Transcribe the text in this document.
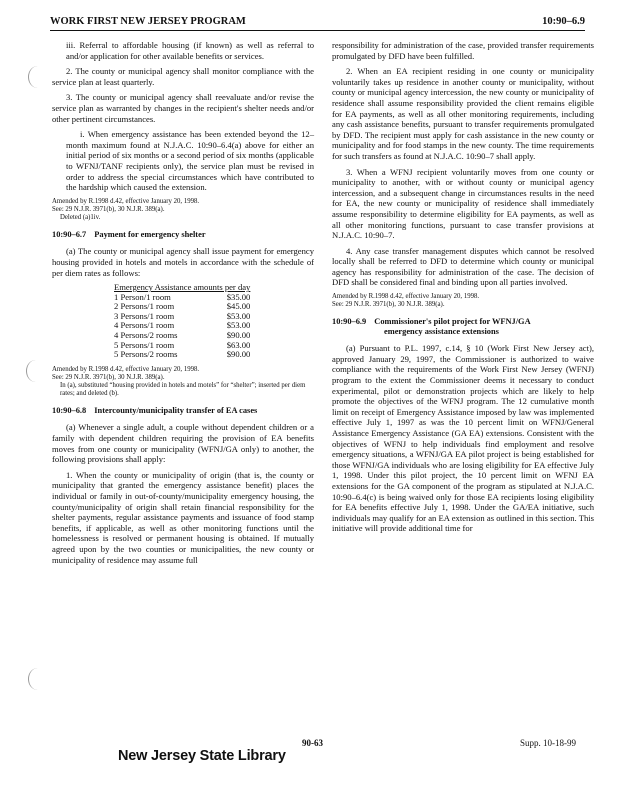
WORK FIRST NEW JERSEY PROGRAM	10:90–6.9

iii. Referral to affordable housing (if known) as well as referral to and/or application for other available benefits or services.

2. The county or municipal agency shall monitor compliance with the service plan at least quarterly.

3. The county or municipal agency shall reevaluate and/or revise the service plan as warranted by changes in the recipient's shelter needs and/or other pertinent circumstances.

i. When emergency assistance has been extended beyond the 12–month maximum found at N.J.A.C. 10:90–6.4(a) above for either an initial period of six months or a second period of six months (applicable to WFNJ/TANF recipients only), the service plan must be revised in order to address the special circumstances which have contributed to the hardship which caused the extension.

Amended by R.1998 d.42, effective January 20, 1998.
See: 29 N.J.R. 3971(b), 30 N.J.R. 389(a).
Deleted (a)1iv.
10:90–6.7 Payment for emergency shelter

(a) The county or municipal agency shall issue payment for emergency housing provided in hotels and motels in accordance with the schedule of per diem rates as follows:

Emergency Assistance amounts per day	
1 Person/1 room	$35.00
2 Persons/1 room	$45.00
3 Persons/1 room	$53.00
4 Persons/1 room	$53.00
4 Persons/2 rooms	$90.00
5 Persons/1 room	$63.00
5 Persons/2 rooms	$90.00
Amended by R.1998 d.42, effective January 20, 1998.
See: 29 N.J.R. 3971(b), 30 N.J.R. 389(a).
In (a), substituted “housing provided in hotels and motels” for “shelter”; inserted per diem rates; and deleted (b).
10:90–6.8 Intercounty/municipality transfer of EA cases

(a) Whenever a single adult, a couple without dependent children or a family with dependent children requiring the provision of EA benefits moves from one county or municipality (WFNJ/GA only) to another, the following provisions shall apply:

1. When the county or municipality of origin (that is, the county or municipality that granted the emergency assistance benefit) places the individual or family in out-of-county/municipality emergency housing, the county/municipality of origin shall retain financial responsibility for the shelter payments, regular assistance payments and issuance of food stamp benefits, if applicable, as well as other monitoring functions until the homelessness is resolved or permanent housing is obtained. If mutually agreed upon by the two counties or municipalities, the new county or municipality of residence may assume full

responsibility for administration of the case, provided transfer requirements promulgated by DFD have been fulfilled.

2. When an EA recipient residing in one county or municipality voluntarily takes up residence in another county or municipality, without county or municipal agency intercession, the new county or municipality of residence shall assume responsibility provided the client remains eligible for EA payments, as well as all other monitoring requirements, including any cash assistance benefits, pursuant to transfer requirements promulgated by DFD. The recipient must apply for cash assistance in the new county or municipality and for food stamps in the new county. The time requirements for such transfers as found at N.J.A.C. 10:90–7 shall apply.

3. When a WFNJ recipient voluntarily moves from one county or municipality to another, with or without county or municipal agency intercession, and a subsequent change in circumstances results in the need for EA, the new county or municipality of residence shall immediately assume responsibility to determine eligibility for EA payments, as well as all other monitoring functions, pursuant to case transfer provisions at N.J.A.C. 10:90–7.

4. Any case transfer management disputes which cannot be resolved locally shall be referred to DFD to determine which county or municipal agency has responsibility for administration of the case. The decision of DFD shall be considered final and binding upon all parties involved.

Amended by R.1998 d.42, effective January 20, 1998.
See: 29 N.J.R. 3971(b), 30 N.J.R. 389(a).
10:90–6.9 Commissioner's pilot project for WFNJ/GA
emergency assistance extensions

(a) Pursuant to P.L. 1997, c.14, § 10 (Work First New Jersey act), approved January 29, 1997, the Commissioner is authorized to waive compliance with the requirements of the Work First New Jersey (WFNJ) program to the extent the Commissioner deems it necessary to conduct experimental, pilot or demonstration projects which are likely to help promote the objectives of the WFNJ program. The 12 cumulative month limit on receipt of Emergency Assistance imposed by law was implemented effective July 1, 1997 as was the 10 percent limit on WFNJ/General Assistance Emergency Assistance (GA EA) extensions. Consistent with the objectives of WFNJ to help individuals find employment and resolve emergency situations, a WFNJ/GA EA pilot project is being established for those WFNJ/GA individuals who are losing eligibility for EA effective July 1, 1998. Under this pilot project, the 10 percent limit on WFNJ EA extensions for the GA component of the program as stipulated at N.J.A.C. 10:90–6.4(c) is being waived only for those EA recipients losing eligibility for EA benefits effective July 1, 1998. Under the GA/EA initiative, such individuals may qualify for an EA extension as outlined in this section. This initiative will provide additional time for

90-63	Supp. 10-18-99
New Jersey State Library
